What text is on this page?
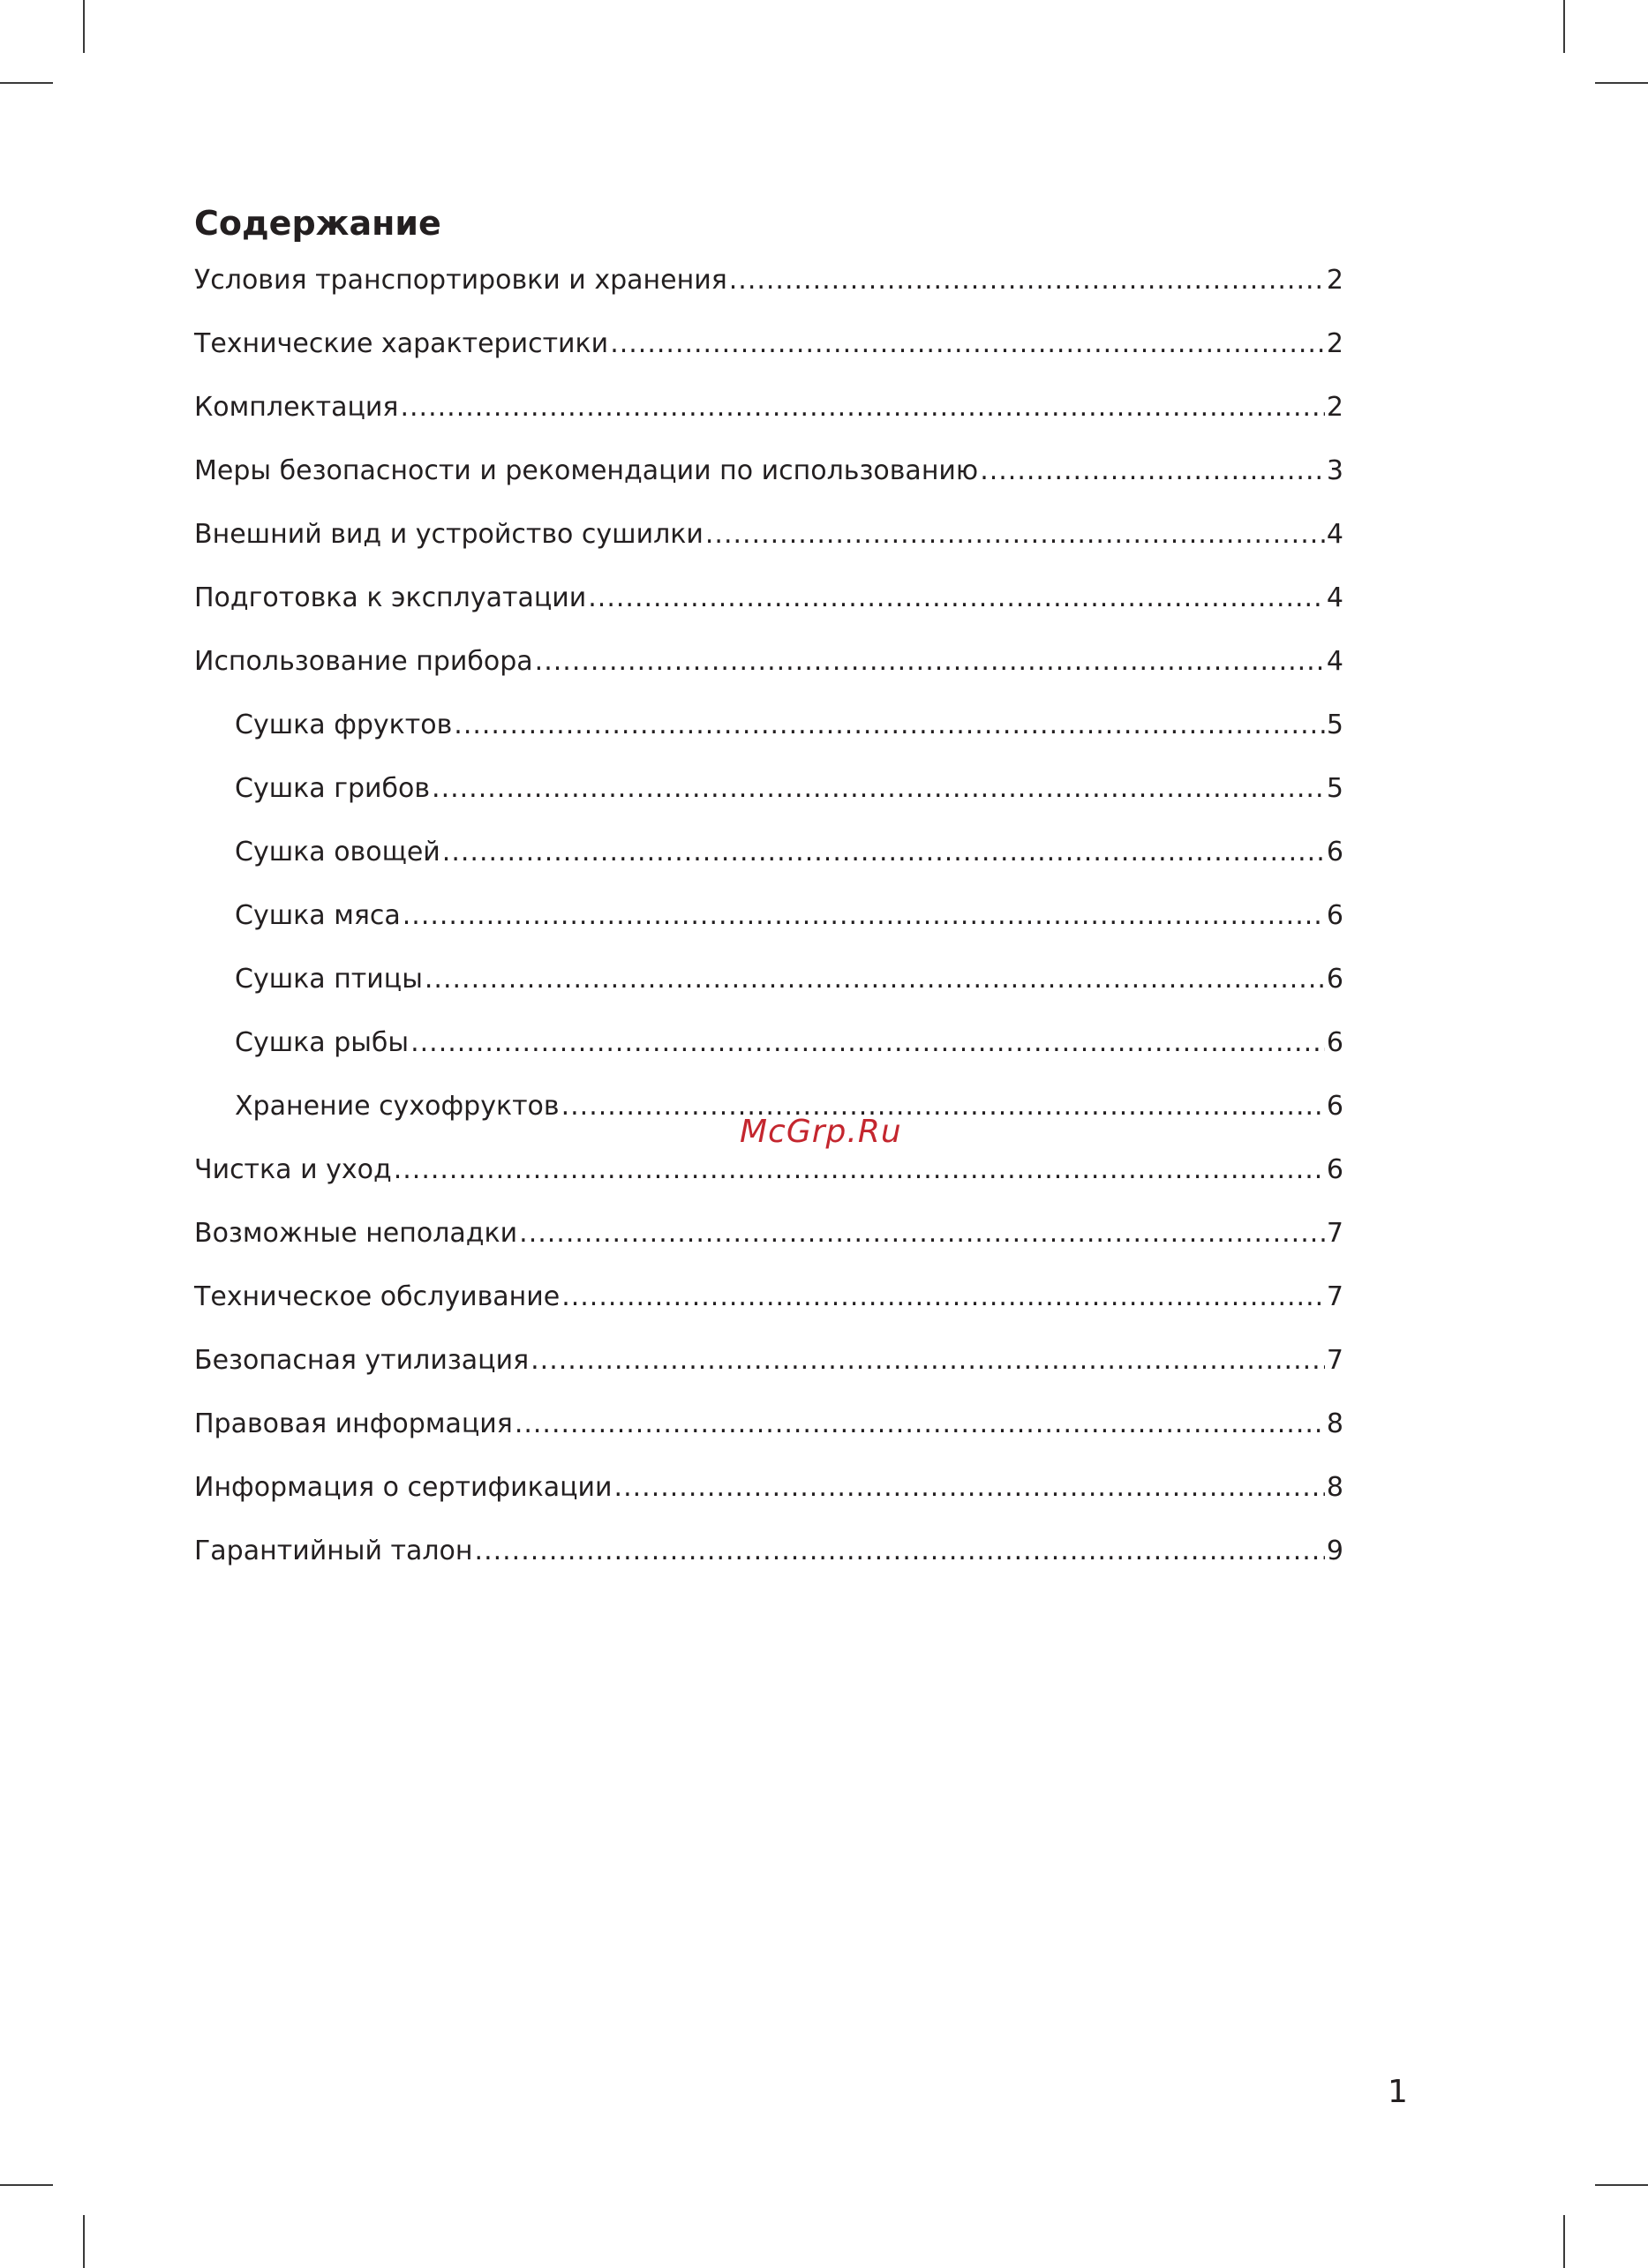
Содержание
Условия транспортировки и хранения .....	2
Технические характеристики .....	2
Комплектация .....	2
Меры безопасности и рекомендации по использованию .....	3
Внешний вид и устройство сушилки .....	4
Подготовка к эксплуатации .....	4
Использование прибора .....	4
Сушка фруктов .....	5
Сушка грибов .....	5
Сушка овощей .....	6
Сушка мяса .....	6
Сушка птицы .....	6
Сушка рыбы .....	6
Хранение сухофруктов .....	6
Чистка и уход .....	6
Возможные неполадки .....	7
Техническое обслуивание .....	7
Безопасная утилизация .....	7
Правовая информация .....	8
Информация о сертификации .....	8
Гарантийный талон .....	9
McGrp.Ru
1
